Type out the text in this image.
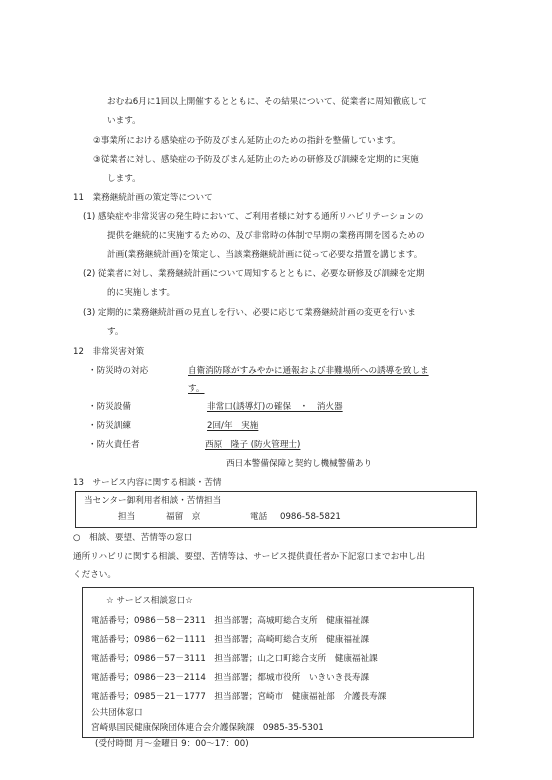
おむね6月に1回以上開催するとともに、その結果について、従業者に周知徹底して
います。
②事業所における感染症の予防及びまん延防止のための指針を整備しています。
③従業者に対し、感染症の予防及びまん延防止のための研修及び訓練を定期的に実施
します。
11　業務継続計画の策定等について
(1) 感染症や非常災害の発生時において、ご利用者様に対する通所リハビリテーションの
提供を継続的に実施するための、及び非常時の体制で早期の業務再開を図るための
計画(業務継続計画)を策定し、当該業務継続計画に従って必要な措置を講じます。
(2) 従業者に対し、業務継続計画について周知するとともに、必要な研修及び訓練を定期
的に実施します。
(3) 定期的に業務継続計画の見直しを行い、必要に応じて業務継続計画の変更を行いま
す。
12　非常災害対策
・防災時の対応	自衛消防隊がすみやかに通報および非難場所への誘導を致しま
す。
・防災設備	非常口(誘導灯)の確保　・　消火器
・防災訓練	2回/年　実施
・防火責任者	西原　隆子 (防火管理士)
西日本警備保障と契約し機械警備あり
13　サービス内容に関する相談・苦情
当センター御利用者相談・苦情担当
担当	福留　京	電話 0986-58-5821
○　相談、要望、苦情等の窓口
通所リハビリに関する相談、要望、苦情等は、サービス提供責任者か下記窓口までお申し出
ください。
☆ サービス相談窓口☆
電話番号；0986－58－2311　担当部署；高城町総合支所　健康福祉課
電話番号；0986－62－1111　担当部署；高崎町総合支所　健康福祉課
電話番号；0986－57－3111　担当部署；山之口町総合支所　健康福祉課
電話番号；0986－23－2114　担当部署；都城市役所　いきいき長寿課
電話番号；0985－21－1777　担当部署；宮崎市　健康福祉部　介護長寿課
公共団体窓口
宮崎県国民健康保険団体連合会介護保険課　0985-35-5301
(受付時間 月～金曜日 9：00～17：00)
